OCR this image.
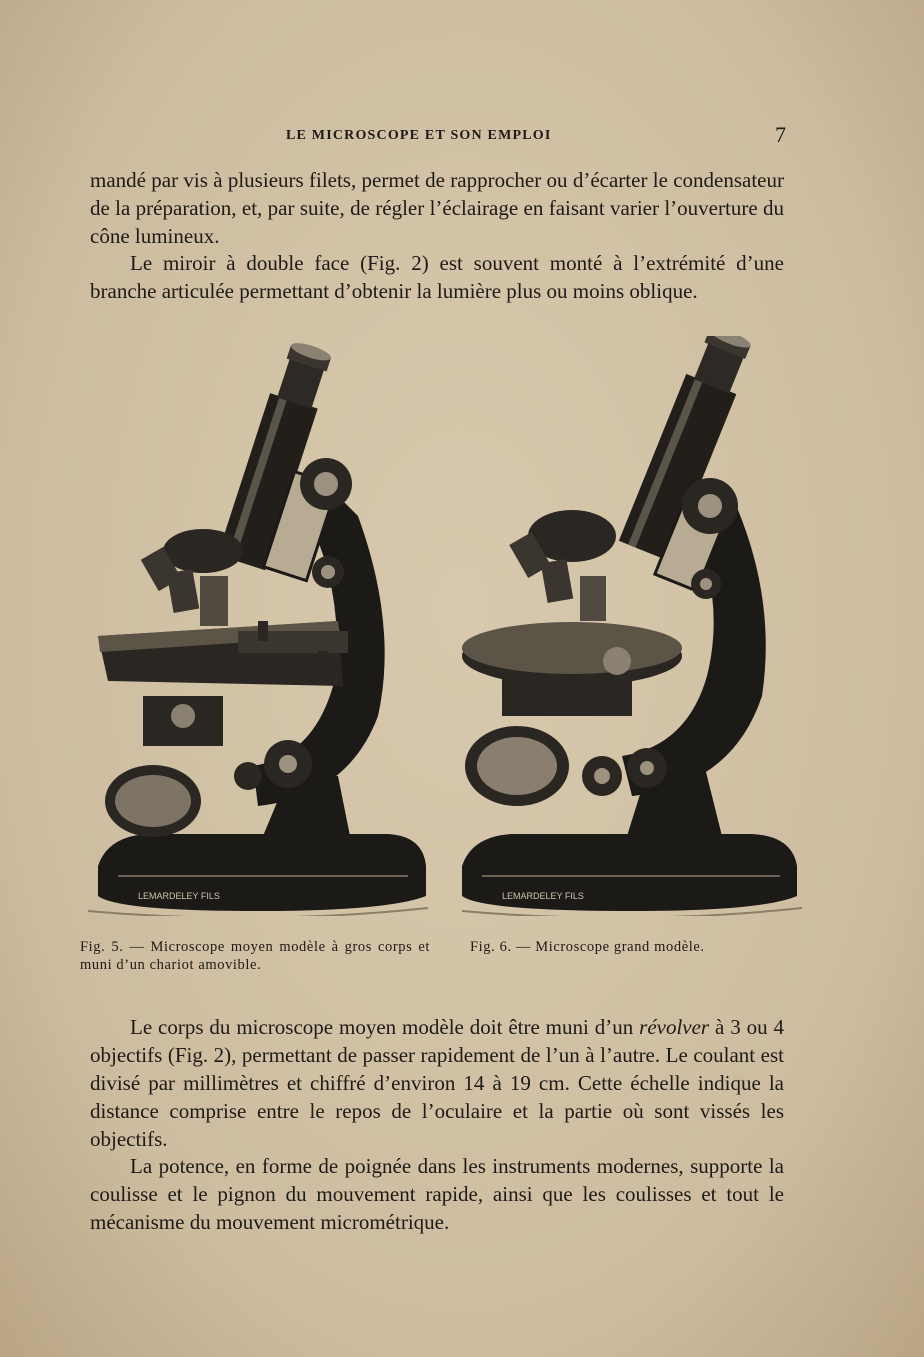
LE MICROSCOPE ET SON EMPLOI	7

mandé par vis à plusieurs filets, permet de rapprocher ou d’écarter le condensateur de la préparation, et, par suite, de régler l’éclairage en faisant varier l’ouverture du cône lumineux.

Le miroir à double face (Fig. 2) est souvent monté à l’extrémité d’une branche articulée permettant d’obtenir la lumière plus ou moins oblique.

LEMARDELEY FILS	LEMARDELEY FILS
Fig. 5. — Microscope moyen modèle à gros corps et muni d’un chariot amovible.
Fig. 6. — Microscope grand modèle.

Le corps du microscope moyen modèle doit être muni d’un révolver à 3 ou 4 objectifs (Fig. 2), permettant de passer rapidement de l’un à l’autre. Le coulant est divisé par millimètres et chiffré d’environ 14 à 19 cm. Cette échelle indique la distance comprise entre le repos de l’oculaire et la partie où sont vissés les objectifs.

La potence, en forme de poignée dans les instruments modernes, supporte la coulisse et le pignon du mouvement rapide, ainsi que les coulisses et tout le mécanisme du mouvement micrométrique.
